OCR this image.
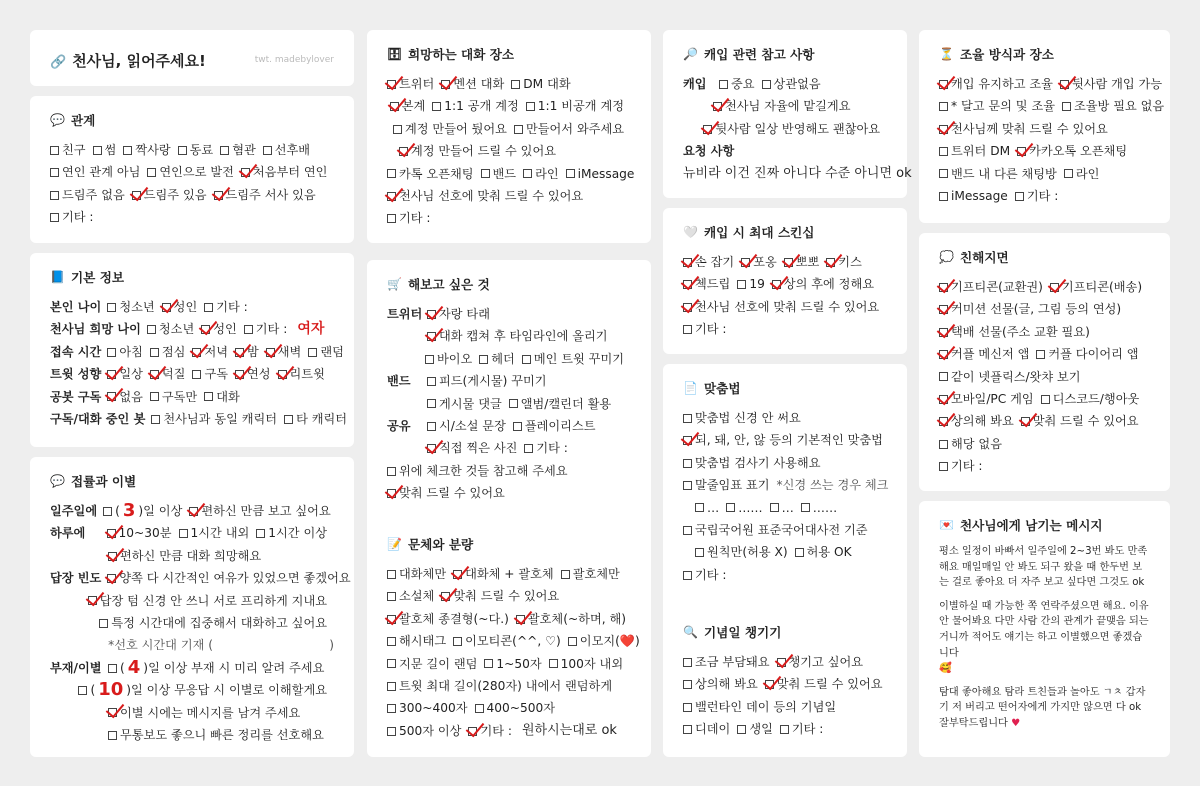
🔗 천사님, 읽어주세요!	twt. madebylover
💬 관계
친구 썸 짝사랑 동료 혐관 선후배
연인 관계 아님 연인으로 발전 처음부터 연인
드림주 없음 드림주 있음 드림주 서사 있음
기타 :
📘 기본 정보
본인 나이 청소년 성인 기타 :
천사님 희망 나이 청소년 성인 기타 : 여자
접속 시간 아침 점심 저녁 밤 새벽 랜덤
트윗 성향 일상 덕질 구독 연성 리트윗
공봇 구독 없음 구독만 대화
구독/대화 중인 봇 천사님과 동일 캐릭터 타 캐릭터
💬 접률과 이별
일주일에	( 3 ) 일 이상 편하신 만큼 보고 싶어요
하루에	10~30분 1시간 내외 1시간 이상
편하신 만큼 대화 희망해요
답장 빈도 양쪽 다 시간적인 여유가 있었으면 좋겠어요
답장 텀 신경 안 쓰니 서로 프리하게 지내요
특정 시간대에 집중해서 대화하고 싶어요
*선호 시간대 기재 (	)
부재/이별	( 4 ) 일 이상 부재 시 미리 알려 주세요
( 10 ) 일 이상 무응답 시 이별로 이해할게요
이별 시에는 메시지를 남겨 주세요
무통보도 좋으니 빠른 정리를 선호해요
🗄 희망하는 대화 장소
트위터 멘션 대화 DM 대화
본계 1:1 공개 계정 1:1 비공개 계정
계정 만들어 뒀어요 만들어서 와주세요
계정 만들어 드릴 수 있어요
카톡 오픈채팅 밴드 라인 iMessage
천사님 선호에 맞춰 드릴 수 있어요
기타 :
🛒 해보고 싶은 것
트위터 자랑 타래
대화 캡쳐 후 타임라인에 올리기
바이오 헤더 메인 트윗 꾸미기
밴드	피드(게시물) 꾸미기
게시물 댓글 앨범/캘린더 활용
공유	시/소설 문장 플레이리스트
직접 찍은 사진 기타 :
위에 체크한 것들 참고해 주세요
맞춰 드릴 수 있어요
📝 문체와 분량
대화체만 대화체 + 괄호체 괄호체만
소설체 맞춰 드릴 수 있어요
괄호체 종결형(~다.) 괄호체(~하며, 해)
해시태그 이모티콘(^^, ♡) 이모지(❤️)
지문 길이 랜덤 1~50자 100자 내외
트윗 최대 길이(280자) 내에서 랜덤하게
300~400자 400~500자
500자 이상 기타 : 원하시는대로 ok
🔎 캐입 관련 참고 사항
캐입	중요 상관없음
천사님 자율에 맡길게요
뒷사람 일상 반영해도 괜찮아요
요청 사항
뉴비라 이건 진짜 아니다 수준 아니면 ok
🤍 캐입 시 최대 스킨십
손 잡기 포옹 뽀뽀 키스
첵드립 19 상의 후에 정해요
천사님 선호에 맞춰 드릴 수 있어요
기타 :
📄 맞춤법
맞춤법 신경 안 써요
되, 돼, 안, 않 등의 기본적인 맞춤법
맞춤법 검사기 사용해요
말줄임표 표기 *신경 쓰는 경우 체크
… …… … ……
국립국어원 표준국어대사전 기준
원칙만(허용 X) 허용 OK
기타 :
🔍 기념일 챙기기
조금 부담돼요 챙기고 싶어요
상의해 봐요 맞춰 드릴 수 있어요
밸런타인 데이 등의 기념일
디데이 생일 기타 :
⏳ 조율 방식과 장소
캐입 유지하고 조율 뒷사람 개입 가능
* 달고 문의 및 조율 조율방 필요 없음
천사님께 맞춰 드릴 수 있어요
트위터 DM 카카오톡 오픈채팅
밴드 내 다른 채팅방 라인
iMessage 기타 :
💭 친해지면
기프티콘(교환권) 기프티콘(배송)
커미션 선물(글, 그림 등의 연성)
택배 선물(주소 교환 필요)
커플 메신저 앱 커플 다이어리 앱
같이 넷플릭스/왓챠 보기
모바일/PC 게임 디스코드/행아웃
상의해 봐요 맞춰 드릴 수 있어요
해당 없음
기타 :
💌 천사님에게 남기는 메시지
평소 일정이 바빠서 일주일에 2~3번 봐도 만족해요 매일매일 안 봐도 되구 왔을 때 한두번 보는 걸로 좋아요 더 자주 보고 싶다면 그것도 ok
이별하실 때 가능한 쪽 연락주셨으면 해요. 이유 안 물어봐요 다만 사람 간의 관계가 끝맺음 되는 거니까 적어도 얘기는 하고 이별했으면 좋겠습니다
🥰
탐대 좋아해요 탐라 트친들과 놀아도 ㄱㅊ 갑자기 저 버리고 떤어자에게 가지만 않으면 다 ok 잘부탁드립니다 ♥
